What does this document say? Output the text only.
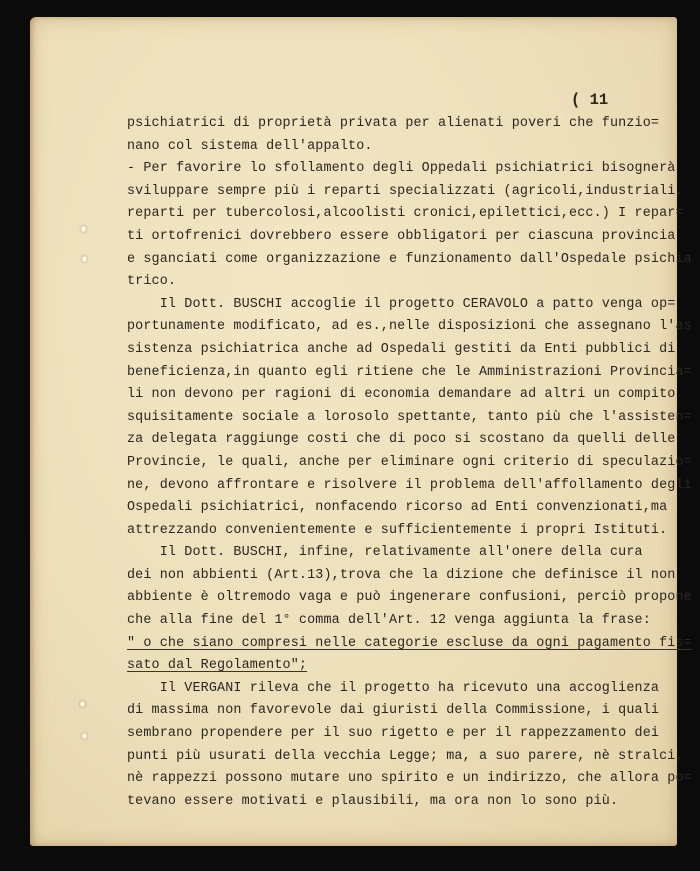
( 11
psichiatrici di proprietà privata per alienati poveri che funzio=
nano col sistema dell'appalto.
- Per favorire lo sfollamento degli Oppedali psichiatrici bisognerà
sviluppare sempre più i reparti specializzati (agricoli,industriali,
reparti per tubercolosi,alcoolisti cronici,epilettici,ecc.) I repar=
ti ortofrenici dovrebbero essere obbligatori per ciascuna provincia
e sganciati come organizzazione e funzionamento dall'Ospedale psichia
trico.
Il Dott. BUSCHI accoglie il progetto CERAVOLO a patto venga op=
portunamente modificato, ad es.,nelle disposizioni che assegnano l'as
sistenza psichiatrica anche ad Ospedali gestiti da Enti pubblici di
beneficienza,in quanto egli ritiene che le Amministrazioni Provincia=
li non devono per ragioni di economia demandare ad altri un compito
squisitamente sociale a lorosolo spettante, tanto più che l'assisten=
za delegata raggiunge costi che di poco si scostano da quelli delle
Provincie, le quali, anche per eliminare ogni criterio di speculazio=
ne, devono affrontare e risolvere il problema dell'affollamento degli
Ospedali psichiatrici, nonfacendo ricorso ad Enti convenzionati,ma
attrezzando convenientemente e sufficientemente i propri Istituti.
Il Dott. BUSCHI, infine, relativamente all'onere della cura
dei non abbienti (Art.13),trova che la dizione che definisce il non
abbiente è oltremodo vaga e può ingenerare confusioni, perciò propone
che alla fine del 1° comma dell'Art. 12 venga aggiunta la frase:
" o che siano compresi nelle categorie escluse da ogni pagamento fis=
sato dal Regolamento";
Il VERGANI rileva che il progetto ha ricevuto una accoglienza
di massima non favorevole dai giuristi della Commissione, i quali
sembrano propendere per il suo rigetto e per il rappezzamento dei
punti più usurati della vecchia Legge; ma, a suo parere, nè stralci,
nè rappezzi possono mutare uno spirito e un indirizzo, che allora po=
tevano essere motivati e plausibili, ma ora non lo sono più.
